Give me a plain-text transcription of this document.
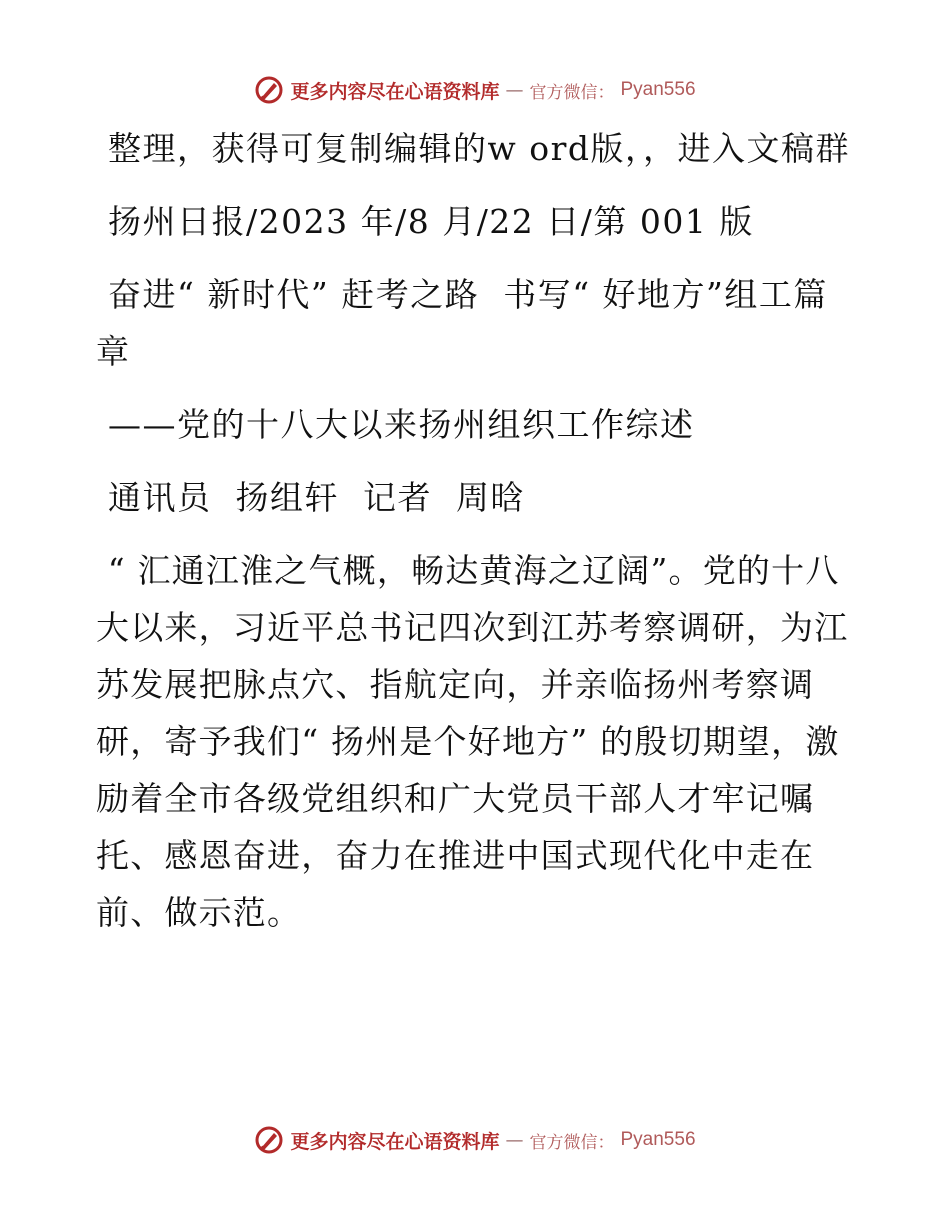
更多内容尽在心语资料库 — 官方微信： Pyan556

整理，获得可复制编辑的w ord版，，进入文稿群

扬州日报/2023 年/8 月/22 日/第 001 版

奋进“ 新时代” 赶考之路  书写“ 好地方”组工篇章

——党的十八大以来扬州组织工作综述

通讯员  扬组轩  记者  周晗

“ 汇通江淮之气概，畅达黄海之辽阔”。党的十八大以来，习近平总书记四次到江苏考察调研，为江苏发展把脉点穴、指航定向，并亲临扬州考察调研，寄予我们“ 扬州是个好地方” 的殷切期望，激励着全市各级党组织和广大党员干部人才牢记嘱托、感恩奋进，奋力在推进中国式现代化中走在前、做示范。

更多内容尽在心语资料库 — 官方微信： Pyan556
